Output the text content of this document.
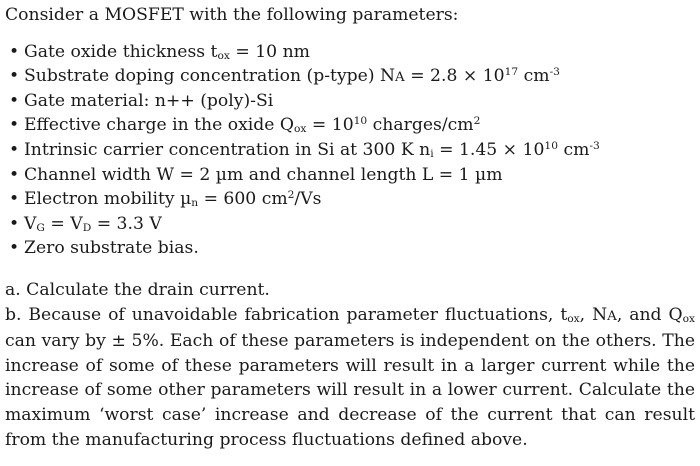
Consider a MOSFET with the following parameters:
• Gate oxide thickness tox = 10 nm
• Substrate doping concentration (p-type) NA = $2.8 \times 10^{17}$ $cm^{-3}$
• Gate material: n++ (poly)-Si
• Effective charge in the oxide Qox = $10^{10}$ charges/$cm^2$
• Intrinsic carrier concentration in Si at 300 K ni = $1.45 \times 10^{10}$ $cm^{-3}$
• Channel width W = 2 µm and channel length L = 1 µm
• Electron mobility µn = 600 $cm^2/Vs$
• VG = VD = 3.3 V
• Zero substrate bias.
a. Calculate the drain current.

b. Because of unavoidable fabrication parameter fluctuations, tox, NA, and Qox can vary by ± 5%. Each of these parameters is independent on the others. The increase of some of these parameters will result in a larger current while the increase of some other parameters will result in a lower current. Calculate the maximum ‘worst case’ increase and decrease of the current that can result from the manufacturing process fluctuations defined above.
